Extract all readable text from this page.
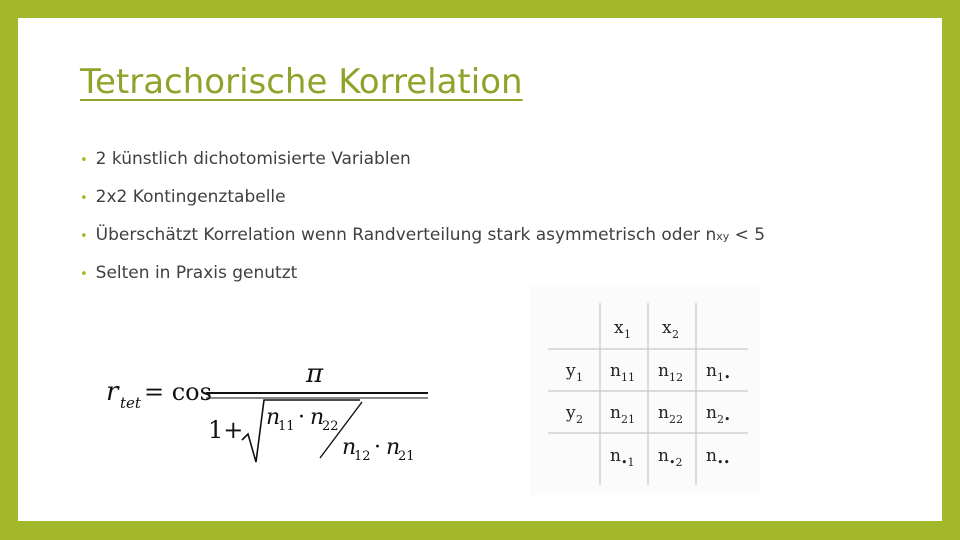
Tetrachorische Korrelation
• 2 künstlich dichotomisierte Variablen
• 2x2 Kontingenztabelle
• Überschätzt Korrelation wenn Randverteilung stark asymmetrisch oder nxy < 5
• Selten in Praxis genutzt
r tet = cos
π
1+ n
11 · n
22
n
12 · n
21
x 1 x 2
y 1 n 11 n 12 n 1•
y 2 n 21 n 22 n 2•
n •1 n •2 n ••
